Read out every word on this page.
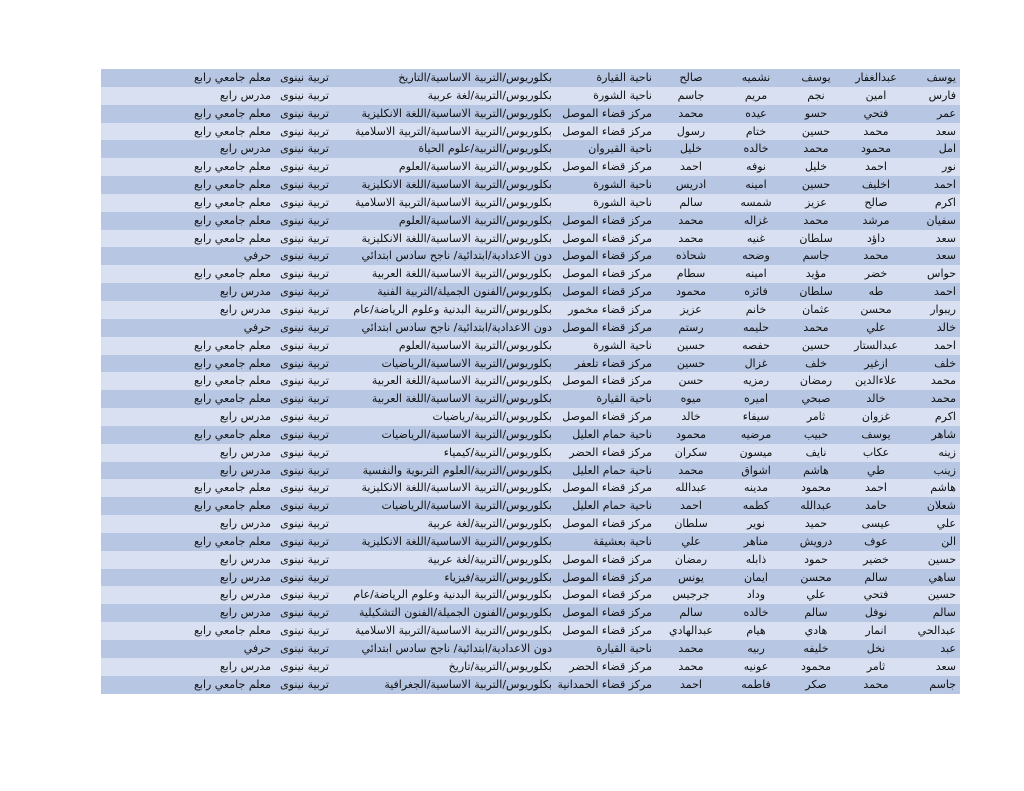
يوسف
عبدالغفار
يوسف
نشميه
صالح
ناحية القيارة
بكلوريوس/التربية الاساسية/التاريخ
تربية نينوى
معلم جامعي رابع
فارس
امين
نجم
مريم
جاسم
ناحية الشورة
بكلوريوس/التربية/لغة عربية
تربية نينوى
مدرس رابع
عمر
فتحي
حسو
عيده
محمد
مركز قضاء الموصل
بكلوريوس/التربية الاساسية/اللغة الانكليزية
تربية نينوى
معلم جامعي رابع
سعد
محمد
حسين
ختام
رسول
مركز قضاء الموصل
بكلوريوس/التربية الاساسية/التربية الاسلامية
تربية نينوى
معلم جامعي رابع
امل
محمود
محمد
خالده
خليل
ناحية القيروان
بكلوريوس/التربية/علوم الحياة
تربية نينوى
مدرس رابع
نور
احمد
خليل
نوفه
احمد
مركز قضاء الموصل
بكلوريوس/التربية الاساسية/العلوم
تربية نينوى
معلم جامعي رابع
احمد
اخليف
حسين
امينه
ادريس
ناحية الشورة
بكلوريوس/التربية الاساسية/اللغة الانكليزية
تربية نينوى
معلم جامعي رابع
اكرم
صالح
عزيز
شمسه
سالم
ناحية الشورة
بكلوريوس/التربية الاساسية/التربية الاسلامية
تربية نينوى
معلم جامعي رابع
سفيان
مرشد
محمد
غزاله
محمد
مركز قضاء الموصل
بكلوريوس/التربية الاساسية/العلوم
تربية نينوى
معلم جامعي رابع
سعد
داؤد
سلطان
غنيه
محمد
مركز قضاء الموصل
بكلوريوس/التربية الاساسية/اللغة الانكليزية
تربية نينوى
معلم جامعي رابع
سعد
محمد
جاسم
وضحه
شحاذه
مركز قضاء الموصل
دون الاعدادية/ابتدائية/ ناجح سادس ابتدائي
تربية نينوى
حرفي
حواس
خضر
مؤيد
امينه
سطام
مركز قضاء الموصل
بكلوريوس/التربية الاساسية/اللغة العربية
تربية نينوى
معلم جامعي رابع
احمد
طه
سلطان
فائزه
محمود
مركز قضاء الموصل
بكلوريوس/الفنون الجميلة/التربية الفنية
تربية نينوى
مدرس رابع
ريبوار
محسن
عثمان
خانم
عزيز
مركز قضاء مخمور
بكلوريوس/التربية البدنية وعلوم الرياضة/عام
تربية نينوى
مدرس رابع
خالد
علي
محمد
حليمه
رستم
مركز قضاء الموصل
دون الاعدادية/ابتدائية/ ناجح سادس ابتدائي
تربية نينوى
حرفي
احمد
عبدالستار
حسين
حفصه
حسين
ناحية الشورة
بكلوريوس/التربية الاساسية/العلوم
تربية نينوى
معلم جامعي رابع
خلف
ازغير
خلف
غزال
حسين
مركز قضاء تلعفر
بكلوريوس/التربية الاساسية/الرياضيات
تربية نينوى
معلم جامعي رابع
محمد
علاءالدين
رمضان
رمزيه
حسن
مركز قضاء الموصل
بكلوريوس/التربية الاساسية/اللغة العربية
تربية نينوى
معلم جامعي رابع
محمد
خالد
صبحي
اميره
ميوه
ناحية القيارة
بكلوريوس/التربية الاساسية/اللغة العربية
تربية نينوى
معلم جامعي رابع
اكرم
غزوان
ثامر
سيفاء
خالد
مركز قضاء الموصل
بكلوريوس/التربية/رياضيات
تربية نينوى
مدرس رابع
شاهر
يوسف
حبيب
مرضيه
محمود
ناحية حمام العليل
بكلوريوس/التربية الاساسية/الرياضيات
تربية نينوى
معلم جامعي رابع
زينه
عكاب
نايف
ميسون
سكران
مركز قضاء الحضر
بكلوريوس/التربية/كيمياء
تربية نينوى
مدرس رابع
زينب
طي
هاشم
اشواق
محمد
ناحية حمام العليل
بكلوريوس/التربية/العلوم التربوية والنفسية
تربية نينوى
مدرس رابع
هاشم
احمد
محمود
مدينه
عبدالله
مركز قضاء الموصل
بكلوريوس/التربية الاساسية/اللغة الانكليزية
تربية نينوى
معلم جامعي رابع
شعلان
حامد
عبدالله
كطمه
احمد
ناحية حمام العليل
بكلوريوس/التربية الاساسية/الرياضيات
تربية نينوى
معلم جامعي رابع
علي
عيسى
حميد
نوير
سلطان
مركز قضاء الموصل
بكلوريوس/التربية/لغة عربية
تربية نينوى
مدرس رابع
الن
عوف
درويش
مناهر
علي
ناحية بعشيقة
بكلوريوس/التربية الاساسية/اللغة الانكليزية
تربية نينوى
معلم جامعي رابع
حسين
خضير
حمود
ذابله
رمضان
مركز قضاء الموصل
بكلوريوس/التربية/لغة عربية
تربية نينوى
مدرس رابع
ساهي
سالم
محسن
ايمان
يونس
مركز قضاء الموصل
بكلوريوس/التربية/فيزياء
تربية نينوى
مدرس رابع
حسين
فتحي
علي
وداد
جرجيس
مركز قضاء الموصل
بكلوريوس/التربية البدنية وعلوم الرياضة/عام
تربية نينوى
مدرس رابع
سالم
نوفل
سالم
خالده
سالم
مركز قضاء الموصل
بكلوريوس/الفنون الجميلة/الفنون التشكيلية
تربية نينوى
مدرس رابع
عبدالحي
انمار
هادي
هيام
عبدالهادي
مركز قضاء الموصل
بكلوريوس/التربية الاساسية/التربية الاسلامية
تربية نينوى
معلم جامعي رابع
عبد
نخل
خليفه
ربيه
محمد
ناحية القيارة
دون الاعدادية/ابتدائية/ ناجح سادس ابتدائي
تربية نينوى
حرفي
سعد
ثامر
محمود
عونيه
محمد
مركز قضاء الحضر
بكلوريوس/التربية/تاريخ
تربية نينوى
مدرس رابع
جاسم
محمد
صكر
فاطمه
احمد
مركز قضاء الحمدانية
بكلوريوس/التربية الاساسية/الجغرافية
تربية نينوى
معلم جامعي رابع
